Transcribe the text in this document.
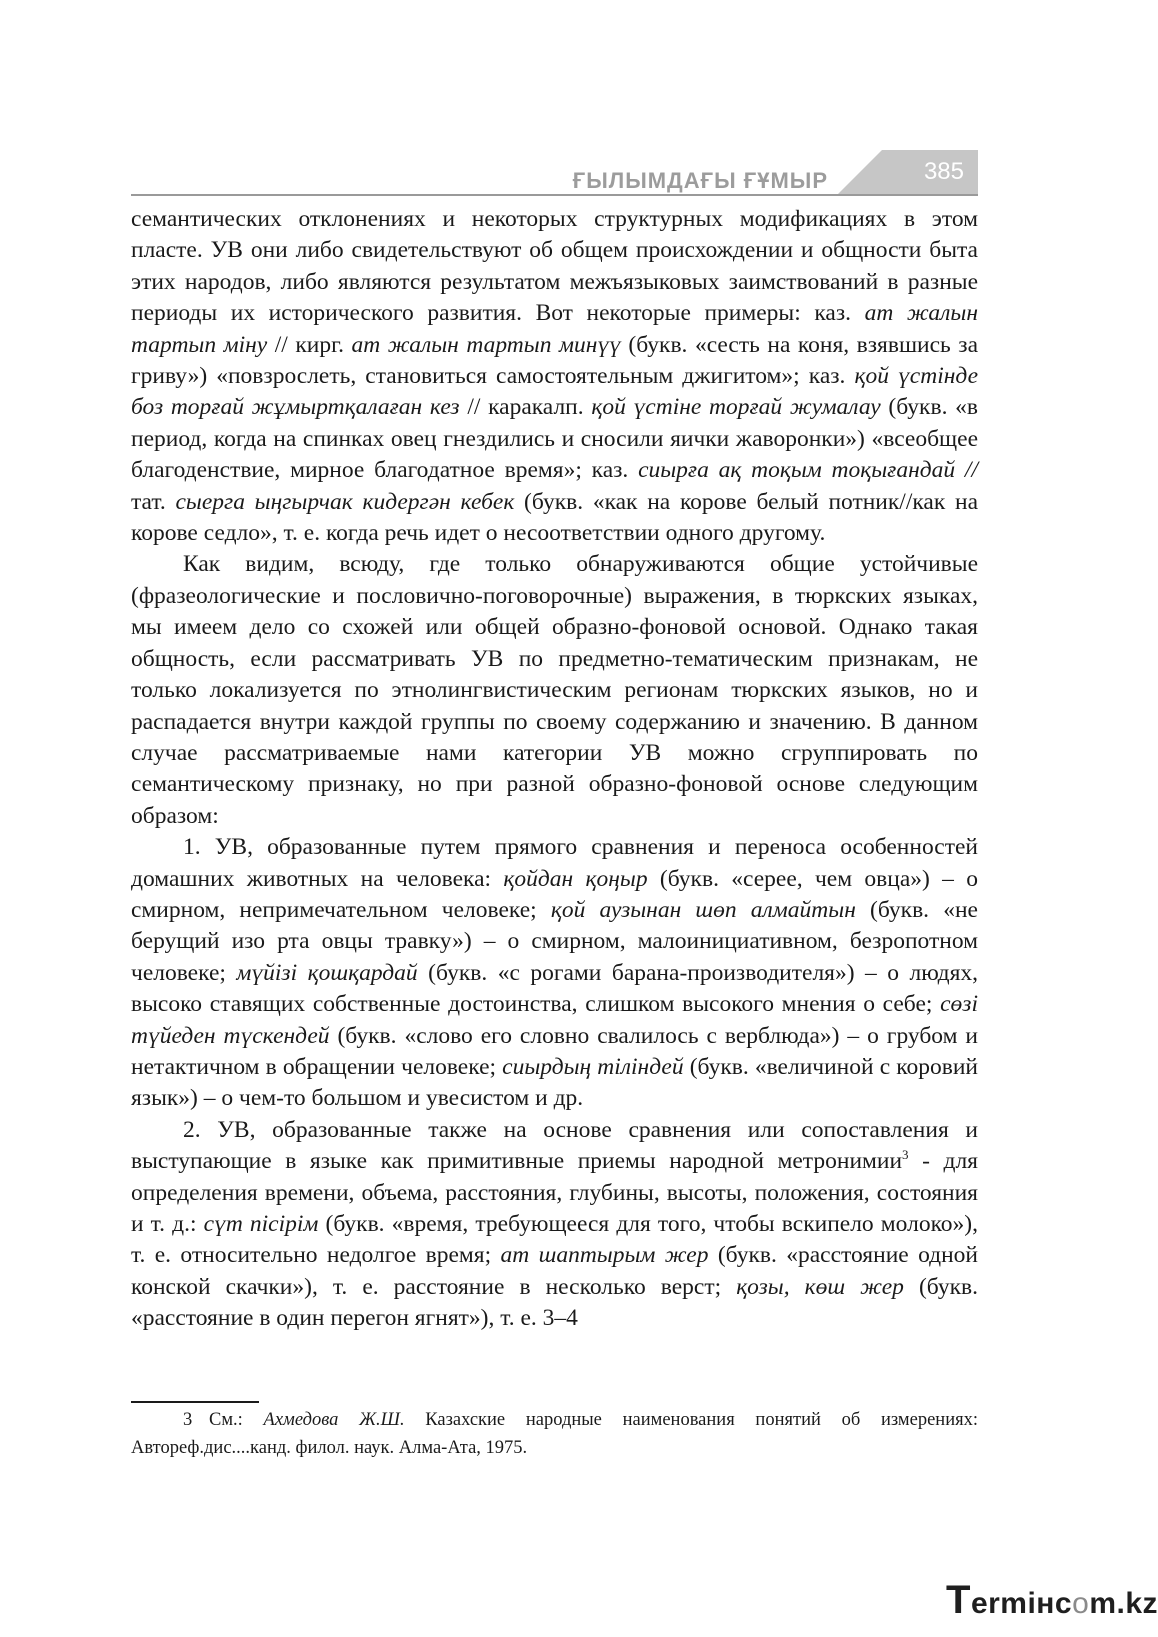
ҒЫЛЫМДАҒЫ ҒҰМЫР	385

семантических отклонениях и некоторых структурных модификациях в этом пласте. УВ они либо свидетельствуют об общем происхождении и общности быта этих народов, либо являются результатом межъязыковых заимствований в разные периоды их исторического развития. Вот некоторые примеры: каз. ат жалын тартып міну // кирг. ат жалын тартып минүү (букв. «сесть на коня, взявшись за гриву») «повзрослеть, становиться самостоятельным джигитом»; каз. қой үстінде боз торғай жұмыртқалаған кез // каракалп. қой үстіне торғай жумалау (букв. «в период, когда на спинках овец гнездились и сносили яички жаворонки») «всеобщее благоденствие, мирное благодатное время»; каз. сиырға ақ тоқым тоқығандай // тат. сыерга ыңгырчак кидергән кебек (букв. «как на корове белый потник//как на корове седло», т. е. когда речь идет о несоответствии одного другому.

Как видим, всюду, где только обнаруживаются общие устойчивые (фразеологические и пословично-поговорочные) выражения, в тюркских языках, мы имеем дело со схожей или общей образно-фоновой основой. Однако такая общность, если рассматривать УВ по предметно-тематическим признакам, не только локализуется по этнолингвистическим регионам тюркских языков, но и распадается внутри каждой группы по своему содержанию и значению. В данном случае рассматриваемые нами категории УВ можно сгруппировать по семантическому признаку, но при разной образно-фоновой основе следующим образом:

1. УВ, образованные путем прямого сравнения и переноса особенностей домашних животных на человека: қойдан қоңыр (букв. «серее, чем овца») – о смирном, непримечательном человеке; қой аузынан шөп алмайтын (букв. «не берущий изо рта овцы травку») – о смирном, малоинициативном, безропотном человеке; мүйізі қошқардай (букв. «с рогами барана-производителя») – о людях, высоко ставящих собственные достоинства, слишком высокого мнения о себе; сөзі түйеден түскендей (букв. «слово его словно свалилось с верблюда») – о грубом и нетактичном в обращении человеке; сиырдың тіліндей (букв. «величиной с коровий язык») – о чем-то большом и увесистом и др.

2. УВ, образованные также на основе сравнения или сопоставления и выступающие в языке как примитивные приемы народной метронимии$^3$ - для определения времени, объема, расстояния, глубины, высоты, положения, состояния и т. д.: сүт пісірім (букв. «время, требующееся для того, чтобы вскипело молоко»), т. е. относительно недолгое время; ат шаптырым жер (букв. «расстояние одной конской скачки»), т. е. расстояние в несколько верст; қозы, көш жер (букв. «расстояние в один перегон ягнят»), т. е. 3–4

3 См.: Ахмедова Ж.Ш. Казахские народные наименования понятий об измерениях: Автореф.дис....канд. филол. наук. Алма-Ата, 1975.
Termінcom.kz
